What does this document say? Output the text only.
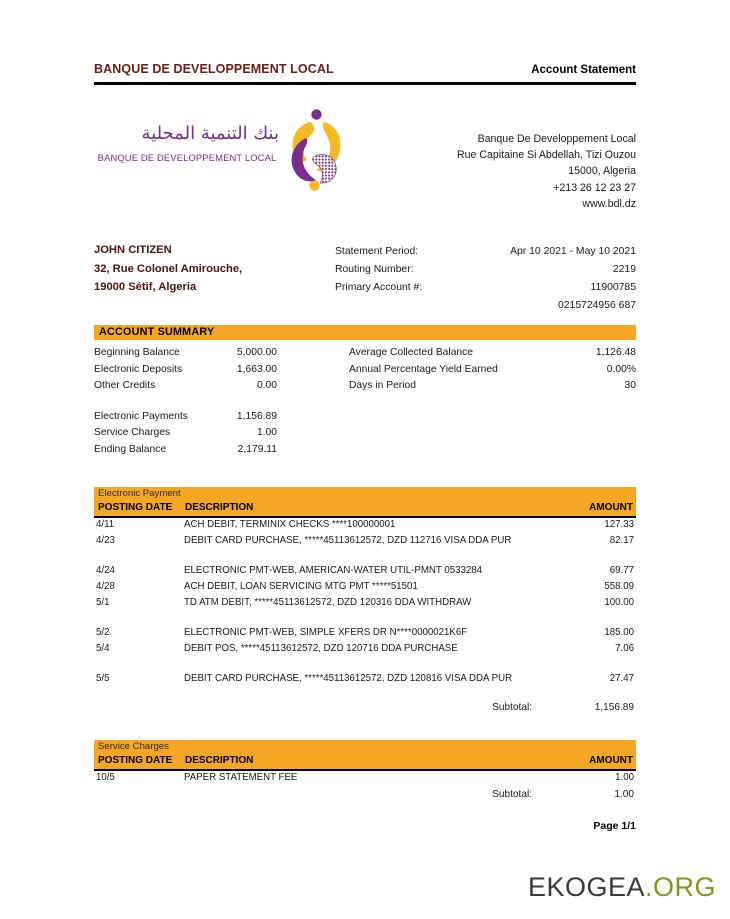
BANQUE DE DEVELOPPEMENT LOCAL	Account Statement
بنك التنمية المحلية
BANQUE DE DEVELOPPEMENT LOCAL
Banque De Developpement Local
Rue Capitaine Si Abdellah, Tizi Ouzou
15000, Algeria
+213 26 12 23 27
www.bdl.dz
JOHN CITIZEN
32, Rue Colonel Amirouche,
19000 Sétif, Algeria
Statement Period:	Apr 10 2021 - May 10 2021
Routing Number:	2219
Primary Account #:	11900785
0215724956 687
ACCOUNT SUMMARY
Beginning Balance	5,000.00
Electronic Deposits	1,663.00
Other Credits	0.00
Average Collected Balance	1,126.48
Annual Percentage Yield Earned	0.00%
Days in Period	30
Electronic Payments	1,156.89
Service Charges	1.00
Ending Balance	2,179.11
Electronic Payment
POSTING DATE DESCRIPTION	AMOUNT
4/11	ACH DEBIT, TERMINIX CHECKS ****100000001	127.33
4/23	DEBIT CARD PURCHASE, *****45113612572, DZD 112716 VISA DDA PUR	82.17
4/24	ELECTRONIC PMT-WEB, AMERICAN-WATER UTIL-PMNT 0533284	69.77
4/28	ACH DEBIT, LOAN SERVICING MTG PMT *****51501	558.09
5/1	TD ATM DEBIT, *****45113612572, DZD 120316 DDA WITHDRAW	100.00
5/2	ELECTRONIC PMT-WEB, SIMPLE XFERS DR N****0000021K6F	185.00
5/4	DEBIT POS, *****45113612572, DZD 120716 DDA PURCHASE	7.06
5/5	DEBIT CARD PURCHASE, *****45113612572, DZD 120816 VISA DDA PUR	27.47
Subtotal:	1,156.89
Service Charges
POSTING DATE DESCRIPTION	AMOUNT
10/5	PAPER STATEMENT FEE	1.00
Subtotal:	1.00
Page 1/1
EKOGEA.ORG
